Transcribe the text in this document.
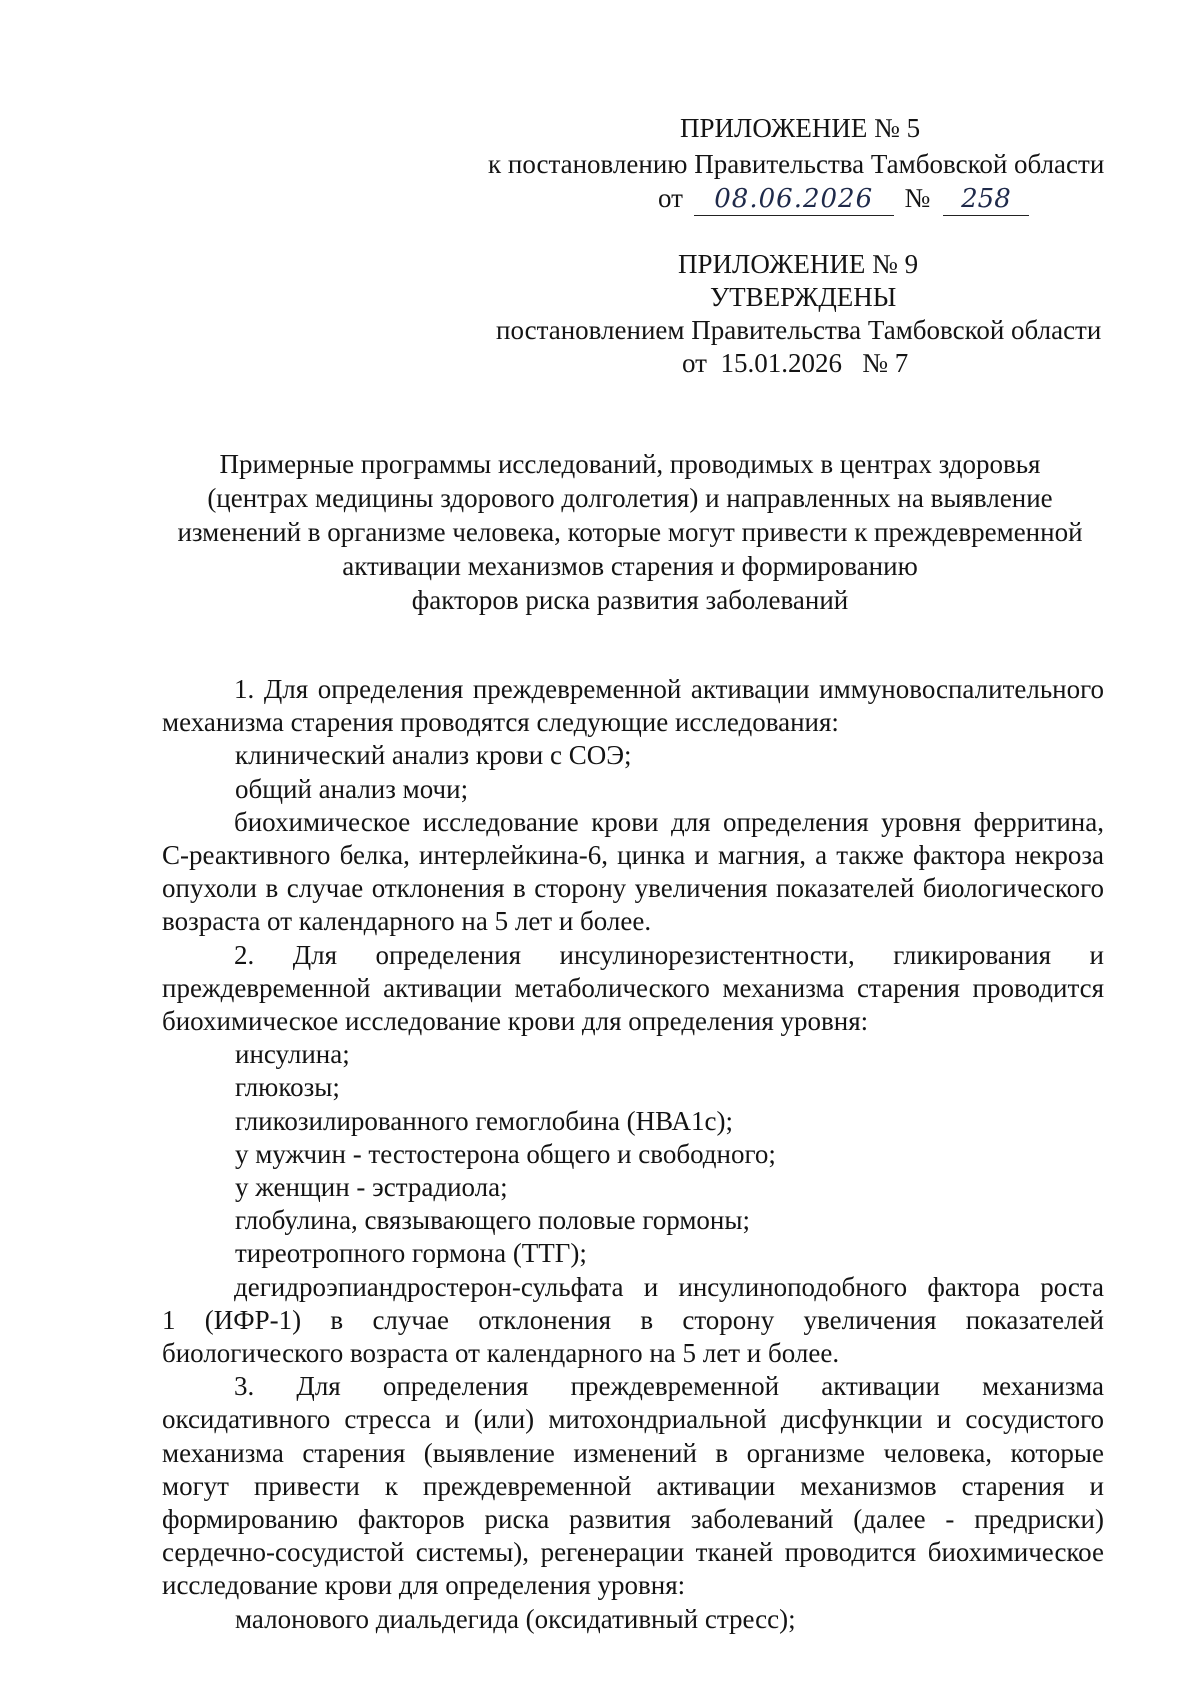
ПРИЛОЖЕНИЕ № 5
к постановлению Правительства Тамбовской области
от 08.06.2026 № 258
ПРИЛОЖЕНИЕ № 9
УТВЕРЖДЕНЫ
постановлением Правительства Тамбовской области
от  15.01.2026   № 7
Примерные программы исследований, проводимых в центрах здоровья
(центрах медицины здорового долголетия) и направленных на выявление
изменений в организме человека, которые могут привести к преждевременной
активации механизмов старения и формированию
факторов риска развития заболеваний

1. Для определения преждевременной активации иммуновоспалительного

механизма старения проводятся следующие исследования:

клинический анализ крови с СОЭ;

общий анализ мочи;

биохимическое исследование крови для определения уровня ферритина,

С-реактивного белка, интерлейкина-6, цинка и магния, а также фактора некроза

опухоли в случае отклонения в сторону увеличения показателей биологического

возраста от календарного на 5 лет и более.

2. Для определения инсулинорезистентности, гликирования и

преждевременной активации метаболического механизма старения проводится

биохимическое исследование крови для определения уровня:

инсулина;

глюкозы;

гликозилированного гемоглобина (НВА1с);

у мужчин - тестостерона общего и свободного;

у женщин - эстрадиола;

глобулина, связывающего половые гормоны;

тиреотропного гормона (ТТГ);

дегидроэпиандростерон-сульфата и инсулиноподобного фактора роста

1 (ИФР-1) в случае отклонения в сторону увеличения показателей

биологического возраста от календарного на 5 лет и более.

3. Для определения преждевременной активации механизма

оксидативного стресса и (или) митохондриальной дисфункции и сосудистого

механизма старения (выявление изменений в организме человека, которые

могут привести к преждевременной активации механизмов старения и

формированию факторов риска развития заболеваний (далее - предриски)

сердечно-сосудистой системы), регенерации тканей проводится биохимическое

исследование крови для определения уровня:

малонового диальдегида (оксидативный стресс);
